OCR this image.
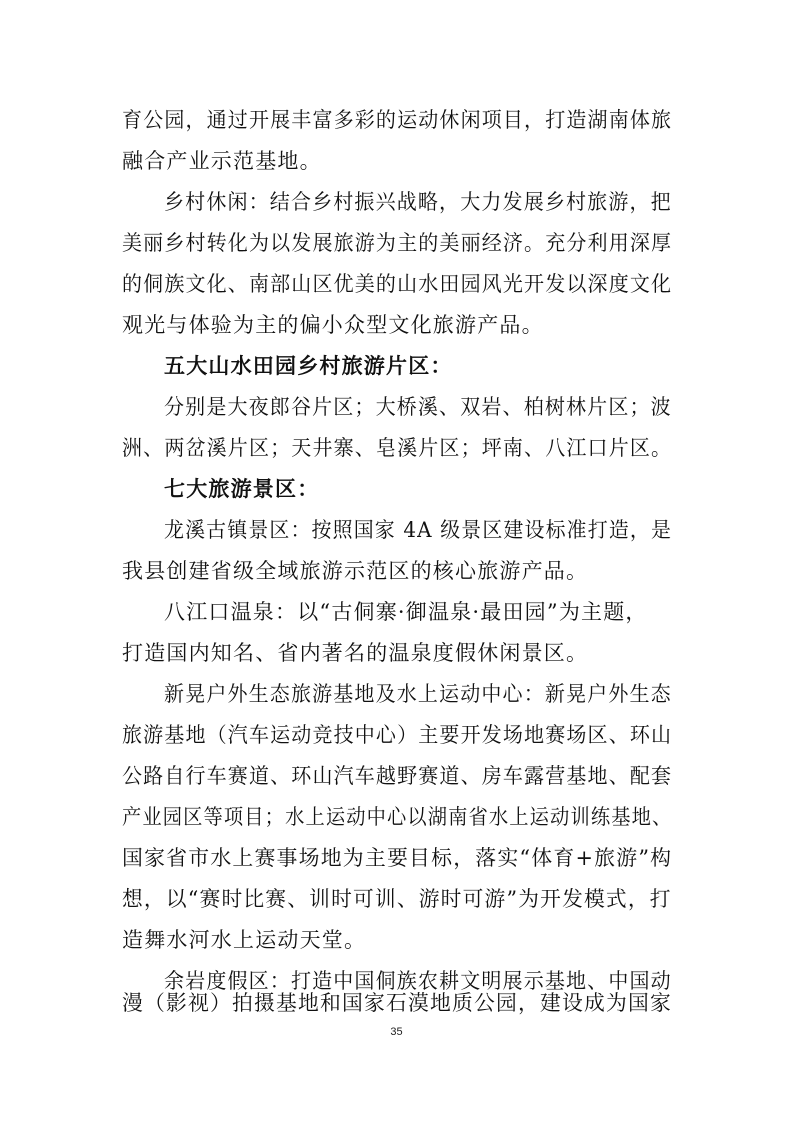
育公园，通过开展丰富多彩的运动休闲项目，打造湖南体旅
融合产业示范基地。
乡村休闲：结合乡村振兴战略，大力发展乡村旅游，把
美丽乡村转化为以发展旅游为主的美丽经济。充分利用深厚
的侗族文化、南部山区优美的山水田园风光开发以深度文化
观光与体验为主的偏小众型文化旅游产品。
五大山水田园乡村旅游片区：
分别是大夜郎谷片区；大桥溪、双岩、柏树林片区；波
洲、两岔溪片区；天井寨、皂溪片区；坪南、八江口片区。
七大旅游景区：
龙溪古镇景区：按照国家 4A 级景区建设标准打造，是
我县创建省级全域旅游示范区的核心旅游产品。
八江口温泉：以“古侗寨·御温泉·最田园”为主题，
打造国内知名、省内著名的温泉度假休闲景区。
新晃户外生态旅游基地及水上运动中心：新晃户外生态
旅游基地（汽车运动竞技中心）主要开发场地赛场区、环山
公路自行车赛道、环山汽车越野赛道、房车露营基地、配套
产业园区等项目；水上运动中心以湖南省水上运动训练基地、
国家省市水上赛事场地为主要目标，落实“体育+旅游”构
想，以“赛时比赛、训时可训、游时可游”为开发模式，打
造舞水河水上运动天堂。
余岩度假区：打造中国侗族农耕文明展示基地、中国动
漫（影视）拍摄基地和国家石漠地质公园，建设成为国家
35
